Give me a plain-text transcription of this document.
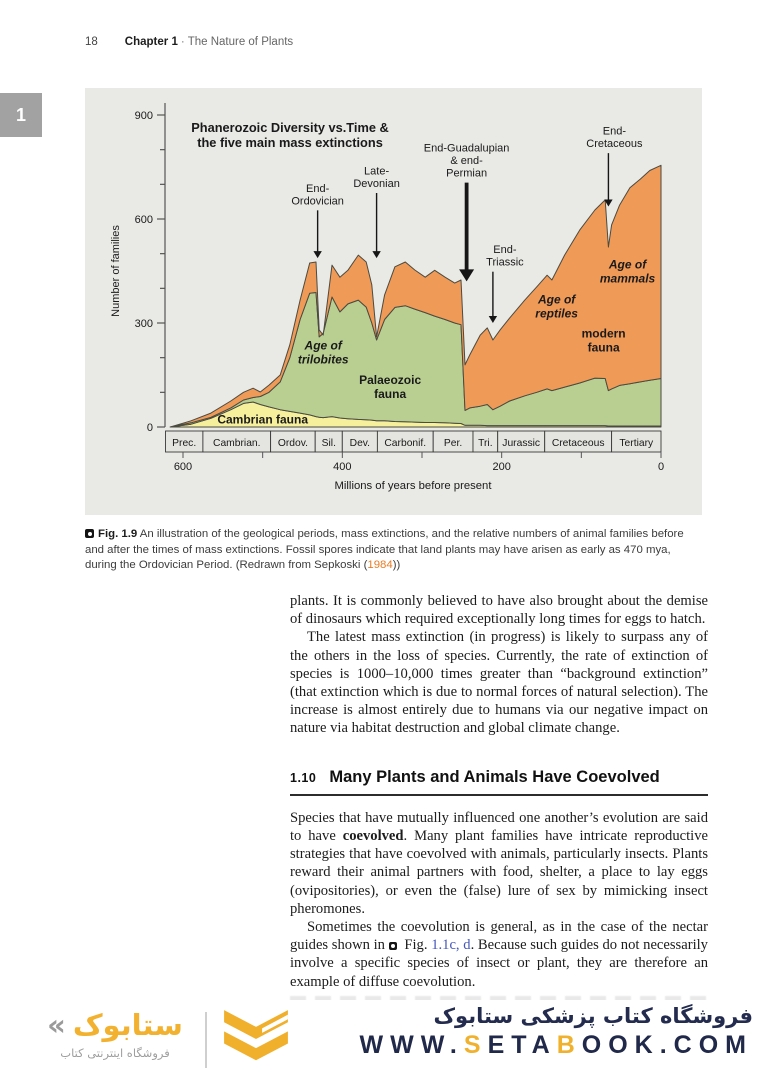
18 Chapter 1 · The Nature of Plants
1
0
300
600
900
Number of families
Prec. Cambrian. Ordov. Sil. Dev. Carbonif. Per. Tri. Jurassic Cretaceous Tertiary
600	400	200	0
Millions of years before present
Phanerozoic Diversity vs.Time &
the five main mass extinctions
End-
Ordovician
Late-
Devonian
End-Guadalupian
& end-
Permian
End-
Triassic
End-
Cretaceous
Age of
trilobites
Palaeozoic
fauna
Cambrian fauna
Age of
reptiles
modern
fauna
Age of
mammals
Fig. 1.9 An illustration of the geological periods, mass extinctions, and the relative numbers of animal families before and after the times of mass extinctions. Fossil spores indicate that land plants may have arisen as early as 470 mya, during the Ordovician Period. (Redrawn from Sepkoski (1984))

plants. It is commonly believed to have also brought about the demise of dinosaurs which required exceptionally long times for eggs to hatch.

The latest mass extinction (in progress) is likely to surpass any of the others in the loss of species. Currently, the rate of extinction of species is 1000–10,000 times greater than “background extinction” (that extinction which is due to normal forces of natural selection). The increase is almost entirely due to humans via our negative impact on nature via habitat destruction and global climate change.

1.10 Many Plants and Animals Have Coevolved

Species that have mutually influenced one another’s evolution are said to have coevolved. Many plant families have intricate reproductive strategies that have coevolved with animals, particularly insects. Plants reward their animal partners with food, shelter, a place to lay eggs (ovipositories), or even the (false) lure of sex by mimicking insect pheromones.

Sometimes the coevolution is general, as in the case of the nectar guides shown in  Fig. 1.1c, d. Because such guides do not necessarily involve a specific species of insect or plant, they are therefore an example of diffuse coevolution.

« ستابوک
فروشگاه اینترنتی کتاب
فروشگاه کتاب پزشکی ستابوک
WWW.SETABOOK.COM
